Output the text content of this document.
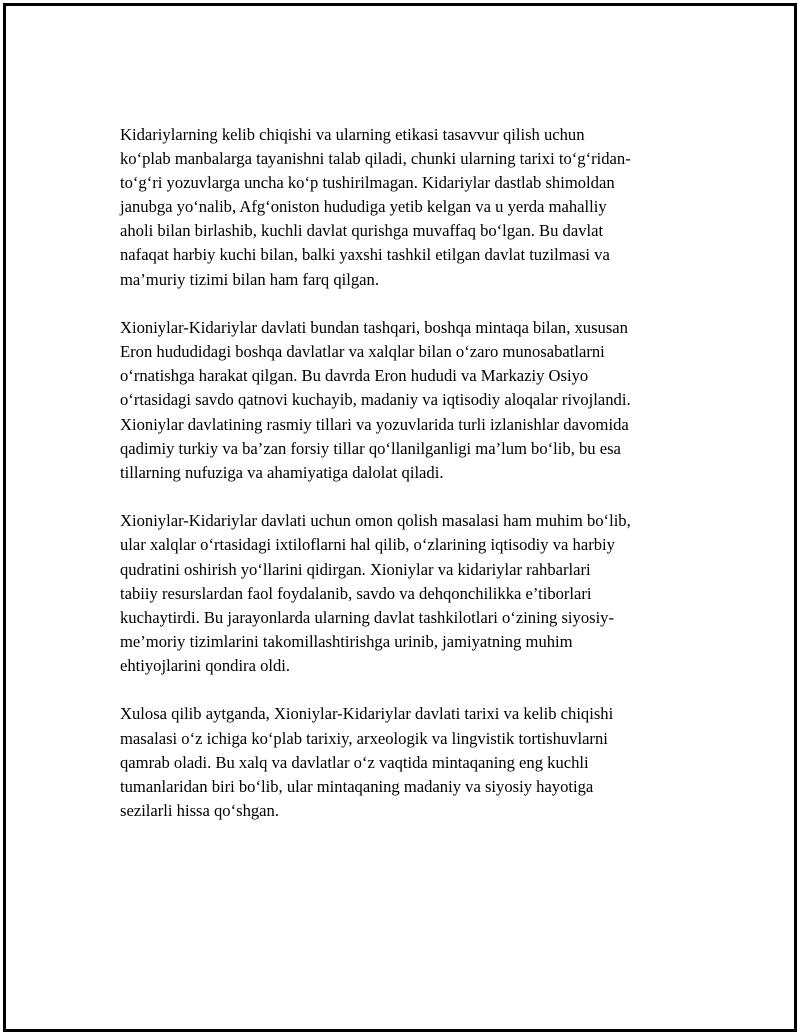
Kidariylarning kelib chiqishi va ularning etikasi tasavvur qilish uchun
ko‘plab manbalarga tayanishni talab qiladi, chunki ularning tarixi to‘g‘ridan-
to‘g‘ri yozuvlarga uncha ko‘p tushirilmagan. Kidariylar dastlab shimoldan
janubga yo‘nalib, Afg‘oniston hududiga yetib kelgan va u yerda mahalliy
aholi bilan birlashib, kuchli davlat qurishga muvaffaq bo‘lgan. Bu davlat
nafaqat harbiy kuchi bilan, balki yaxshi tashkil etilgan davlat tuzilmasi va
ma’muriy tizimi bilan ham farq qilgan.

Xioniylar-Kidariylar davlati bundan tashqari, boshqa mintaqa bilan, xususan
Eron hududidagi boshqa davlatlar va xalqlar bilan o‘zaro munosabatlarni
o‘rnatishga harakat qilgan. Bu davrda Eron hududi va Markaziy Osiyo
o‘rtasidagi savdo qatnovi kuchayib, madaniy va iqtisodiy aloqalar rivojlandi.
Xioniylar davlatining rasmiy tillari va yozuvlarida turli izlanishlar davomida
qadimiy turkiy va ba’zan forsiy tillar qo‘llanilganligi ma’lum bo‘lib, bu esa
tillarning nufuziga va ahamiyatiga dalolat qiladi.

Xioniylar-Kidariylar davlati uchun omon qolish masalasi ham muhim bo‘lib,
ular xalqlar o‘rtasidagi ixtiloflarni hal qilib, o‘zlarining iqtisodiy va harbiy
qudratini oshirish yo‘llarini qidirgan. Xioniylar va kidariylar rahbarlari
tabiiy resurslardan faol foydalanib, savdo va dehqonchilikka e’tiborlari
kuchaytirdi. Bu jarayonlarda ularning davlat tashkilotlari o‘zining siyosiy-
me’moriy tizimlarini takomillashtirishga urinib, jamiyatning muhim
ehtiyojlarini qondira oldi.

Xulosa qilib aytganda, Xioniylar-Kidariylar davlati tarixi va kelib chiqishi
masalasi o‘z ichiga ko‘plab tarixiy, arxeologik va lingvistik tortishuvlarni
qamrab oladi. Bu xalq va davlatlar o‘z vaqtida mintaqaning eng kuchli
tumanlaridan biri bo‘lib, ular mintaqaning madaniy va siyosiy hayotiga
sezilarli hissa qo‘shgan.
